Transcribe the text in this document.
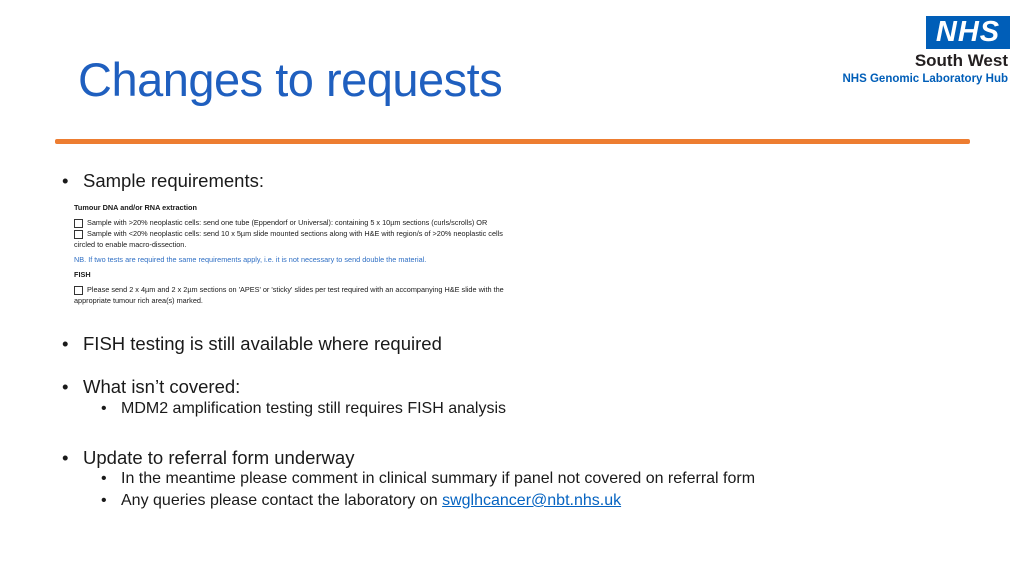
Changes to requests
NHS
South West
NHS Genomic Laboratory Hub
• Sample requirements:
Tumour DNA and/or RNA extraction
Sample with >20% neoplastic cells: send one tube (Eppendorf or Universal): containing 5 x 10µm sections (curls/scrolls) OR
Sample with <20% neoplastic cells: send 10 x 5µm slide mounted sections along with H&E with region/s of >20% neoplastic cells
circled to enable macro-dissection.
NB. If two tests are required the same requirements apply, i.e. it is not necessary to send double the material.
FISH
Please send 2 x 4µm and 2 x 2µm sections on 'APES' or 'sticky' slides per test required with an accompanying H&E slide with the
appropriate tumour rich area(s) marked.
• FISH testing is still available where required
• What isn’t covered:
• MDM2 amplification testing still requires FISH analysis
• Update to referral form underway
• In the meantime please comment in clinical summary if panel not covered on referral form
• Any queries please contact the laboratory on swglhcancer@nbt.nhs.uk
